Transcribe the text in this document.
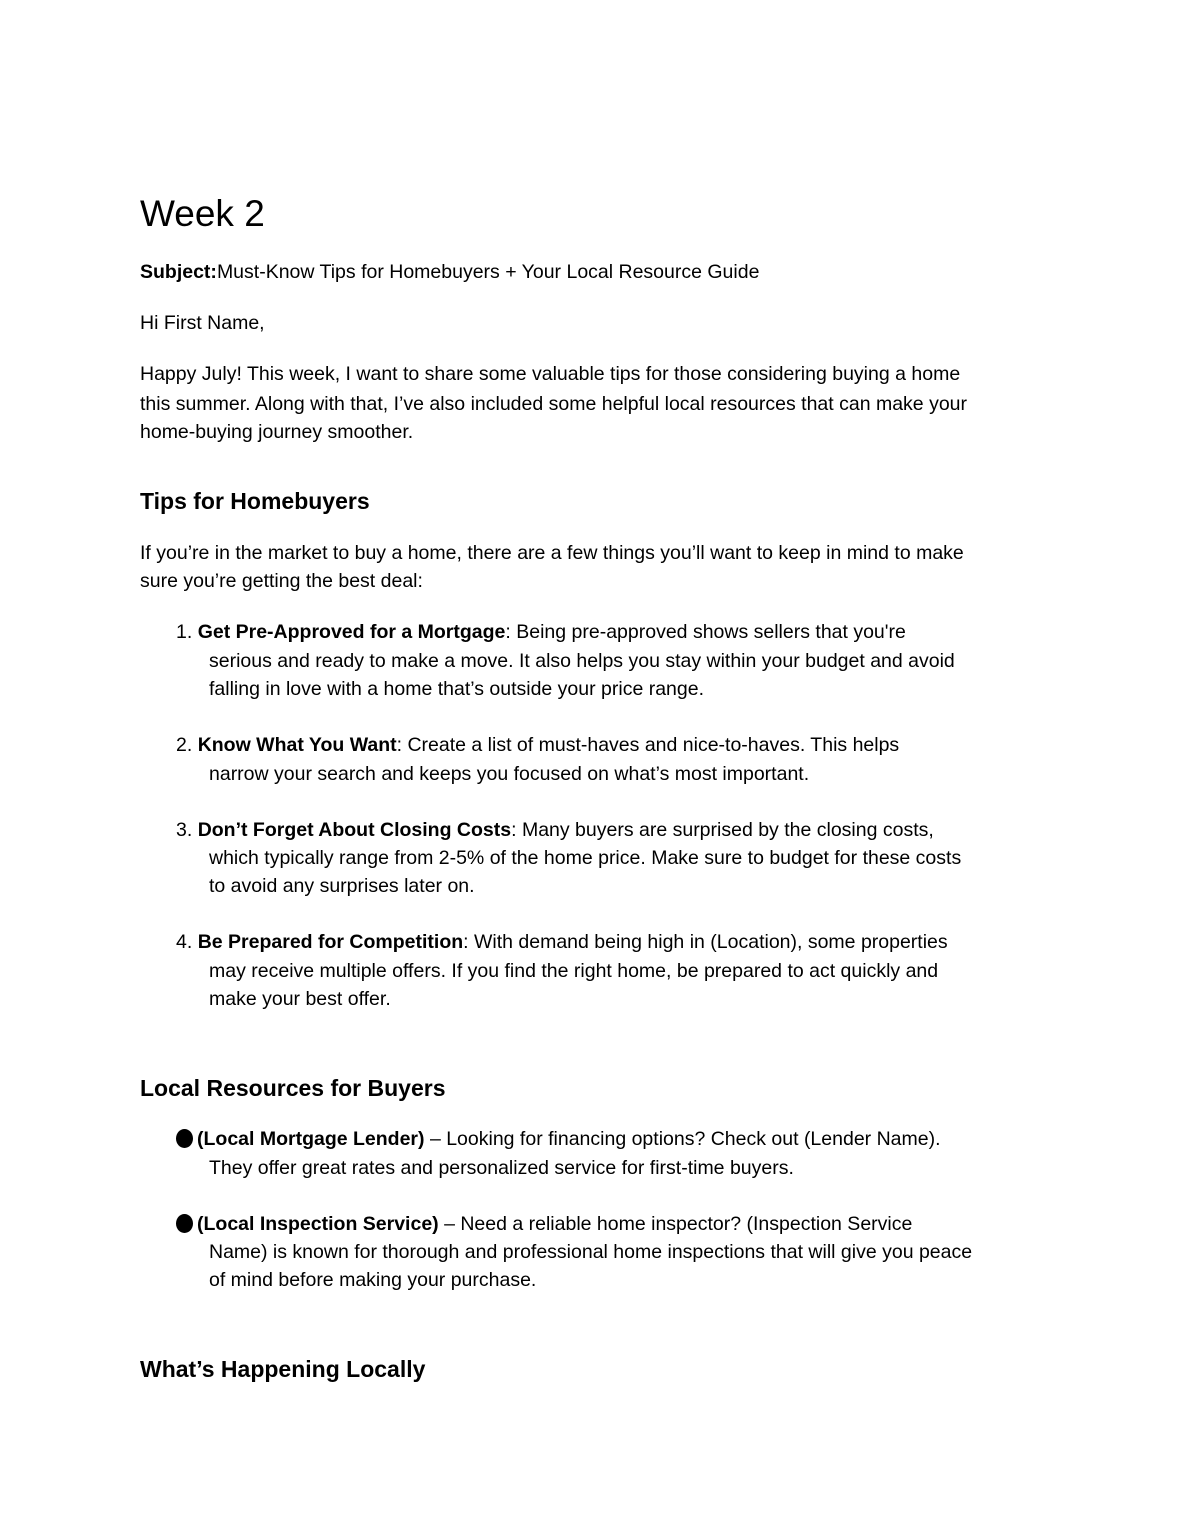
Week 2
Subject:Must-Know Tips for Homebuyers + Your Local Resource Guide
Hi First Name,
Happy July! This week, I want to share some valuable tips for those considering buying a home
this summer. Along with that, I’ve also included some helpful local resources that can make your
home-buying journey smoother.
Tips for Homebuyers
If you’re in the market to buy a home, there are a few things you’ll want to keep in mind to make
sure you’re getting the best deal:
1. Get Pre-Approved for a Mortgage: Being pre-approved shows sellers that you're
serious and ready to make a move. It also helps you stay within your budget and avoid
falling in love with a home that’s outside your price range.
2. Know What You Want: Create a list of must-haves and nice-to-haves. This helps
narrow your search and keeps you focused on what’s most important.
3. Don’t Forget About Closing Costs: Many buyers are surprised by the closing costs,
which typically range from 2-5% of the home price. Make sure to budget for these costs
to avoid any surprises later on.
4. Be Prepared for Competition: With demand being high in (Location), some properties
may receive multiple offers. If you find the right home, be prepared to act quickly and
make your best offer.
Local Resources for Buyers
(Local Mortgage Lender) – Looking for financing options? Check out (Lender Name).
They offer great rates and personalized service for first-time buyers.
(Local Inspection Service) – Need a reliable home inspector? (Inspection Service
Name) is known for thorough and professional home inspections that will give you peace
of mind before making your purchase.
What’s Happening Locally
